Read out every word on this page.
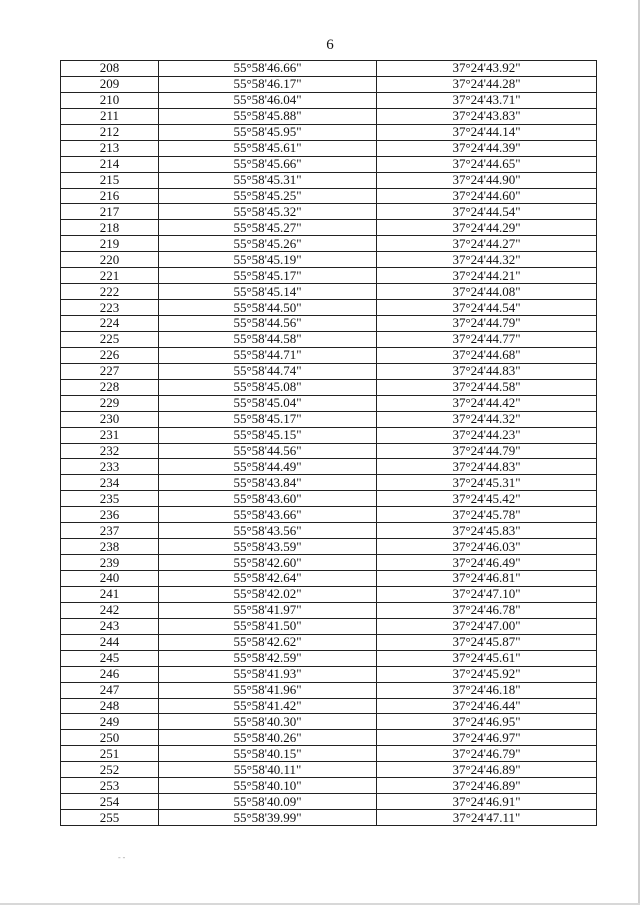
6
208	55°58'46.66"	37°24'43.92"
209	55°58'46.17"	37°24'44.28"
210	55°58'46.04"	37°24'43.71"
211	55°58'45.88"	37°24'43.83"
212	55°58'45.95"	37°24'44.14"
213	55°58'45.61"	37°24'44.39"
214	55°58'45.66"	37°24'44.65"
215	55°58'45.31"	37°24'44.90"
216	55°58'45.25"	37°24'44.60"
217	55°58'45.32"	37°24'44.54"
218	55°58'45.27"	37°24'44.29"
219	55°58'45.26"	37°24'44.27"
220	55°58'45.19"	37°24'44.32"
221	55°58'45.17"	37°24'44.21"
222	55°58'45.14"	37°24'44.08"
223	55°58'44.50"	37°24'44.54"
224	55°58'44.56"	37°24'44.79"
225	55°58'44.58"	37°24'44.77"
226	55°58'44.71"	37°24'44.68"
227	55°58'44.74"	37°24'44.83"
228	55°58'45.08"	37°24'44.58"
229	55°58'45.04"	37°24'44.42"
230	55°58'45.17"	37°24'44.32"
231	55°58'45.15"	37°24'44.23"
232	55°58'44.56"	37°24'44.79"
233	55°58'44.49"	37°24'44.83"
234	55°58'43.84"	37°24'45.31"
235	55°58'43.60"	37°24'45.42"
236	55°58'43.66"	37°24'45.78"
237	55°58'43.56"	37°24'45.83"
238	55°58'43.59"	37°24'46.03"
239	55°58'42.60"	37°24'46.49"
240	55°58'42.64"	37°24'46.81"
241	55°58'42.02"	37°24'47.10"
242	55°58'41.97"	37°24'46.78"
243	55°58'41.50"	37°24'47.00"
244	55°58'42.62"	37°24'45.87"
245	55°58'42.59"	37°24'45.61"
246	55°58'41.93"	37°24'45.92"
247	55°58'41.96"	37°24'46.18"
248	55°58'41.42"	37°24'46.44"
249	55°58'40.30"	37°24'46.95"
250	55°58'40.26"	37°24'46.97"
251	55°58'40.15"	37°24'46.79"
252	55°58'40.11"	37°24'46.89"
253	55°58'40.10"	37°24'46.89"
254	55°58'40.09"	37°24'46.91"
255	55°58'39.99"	37°24'47.11"
‐ ‐
